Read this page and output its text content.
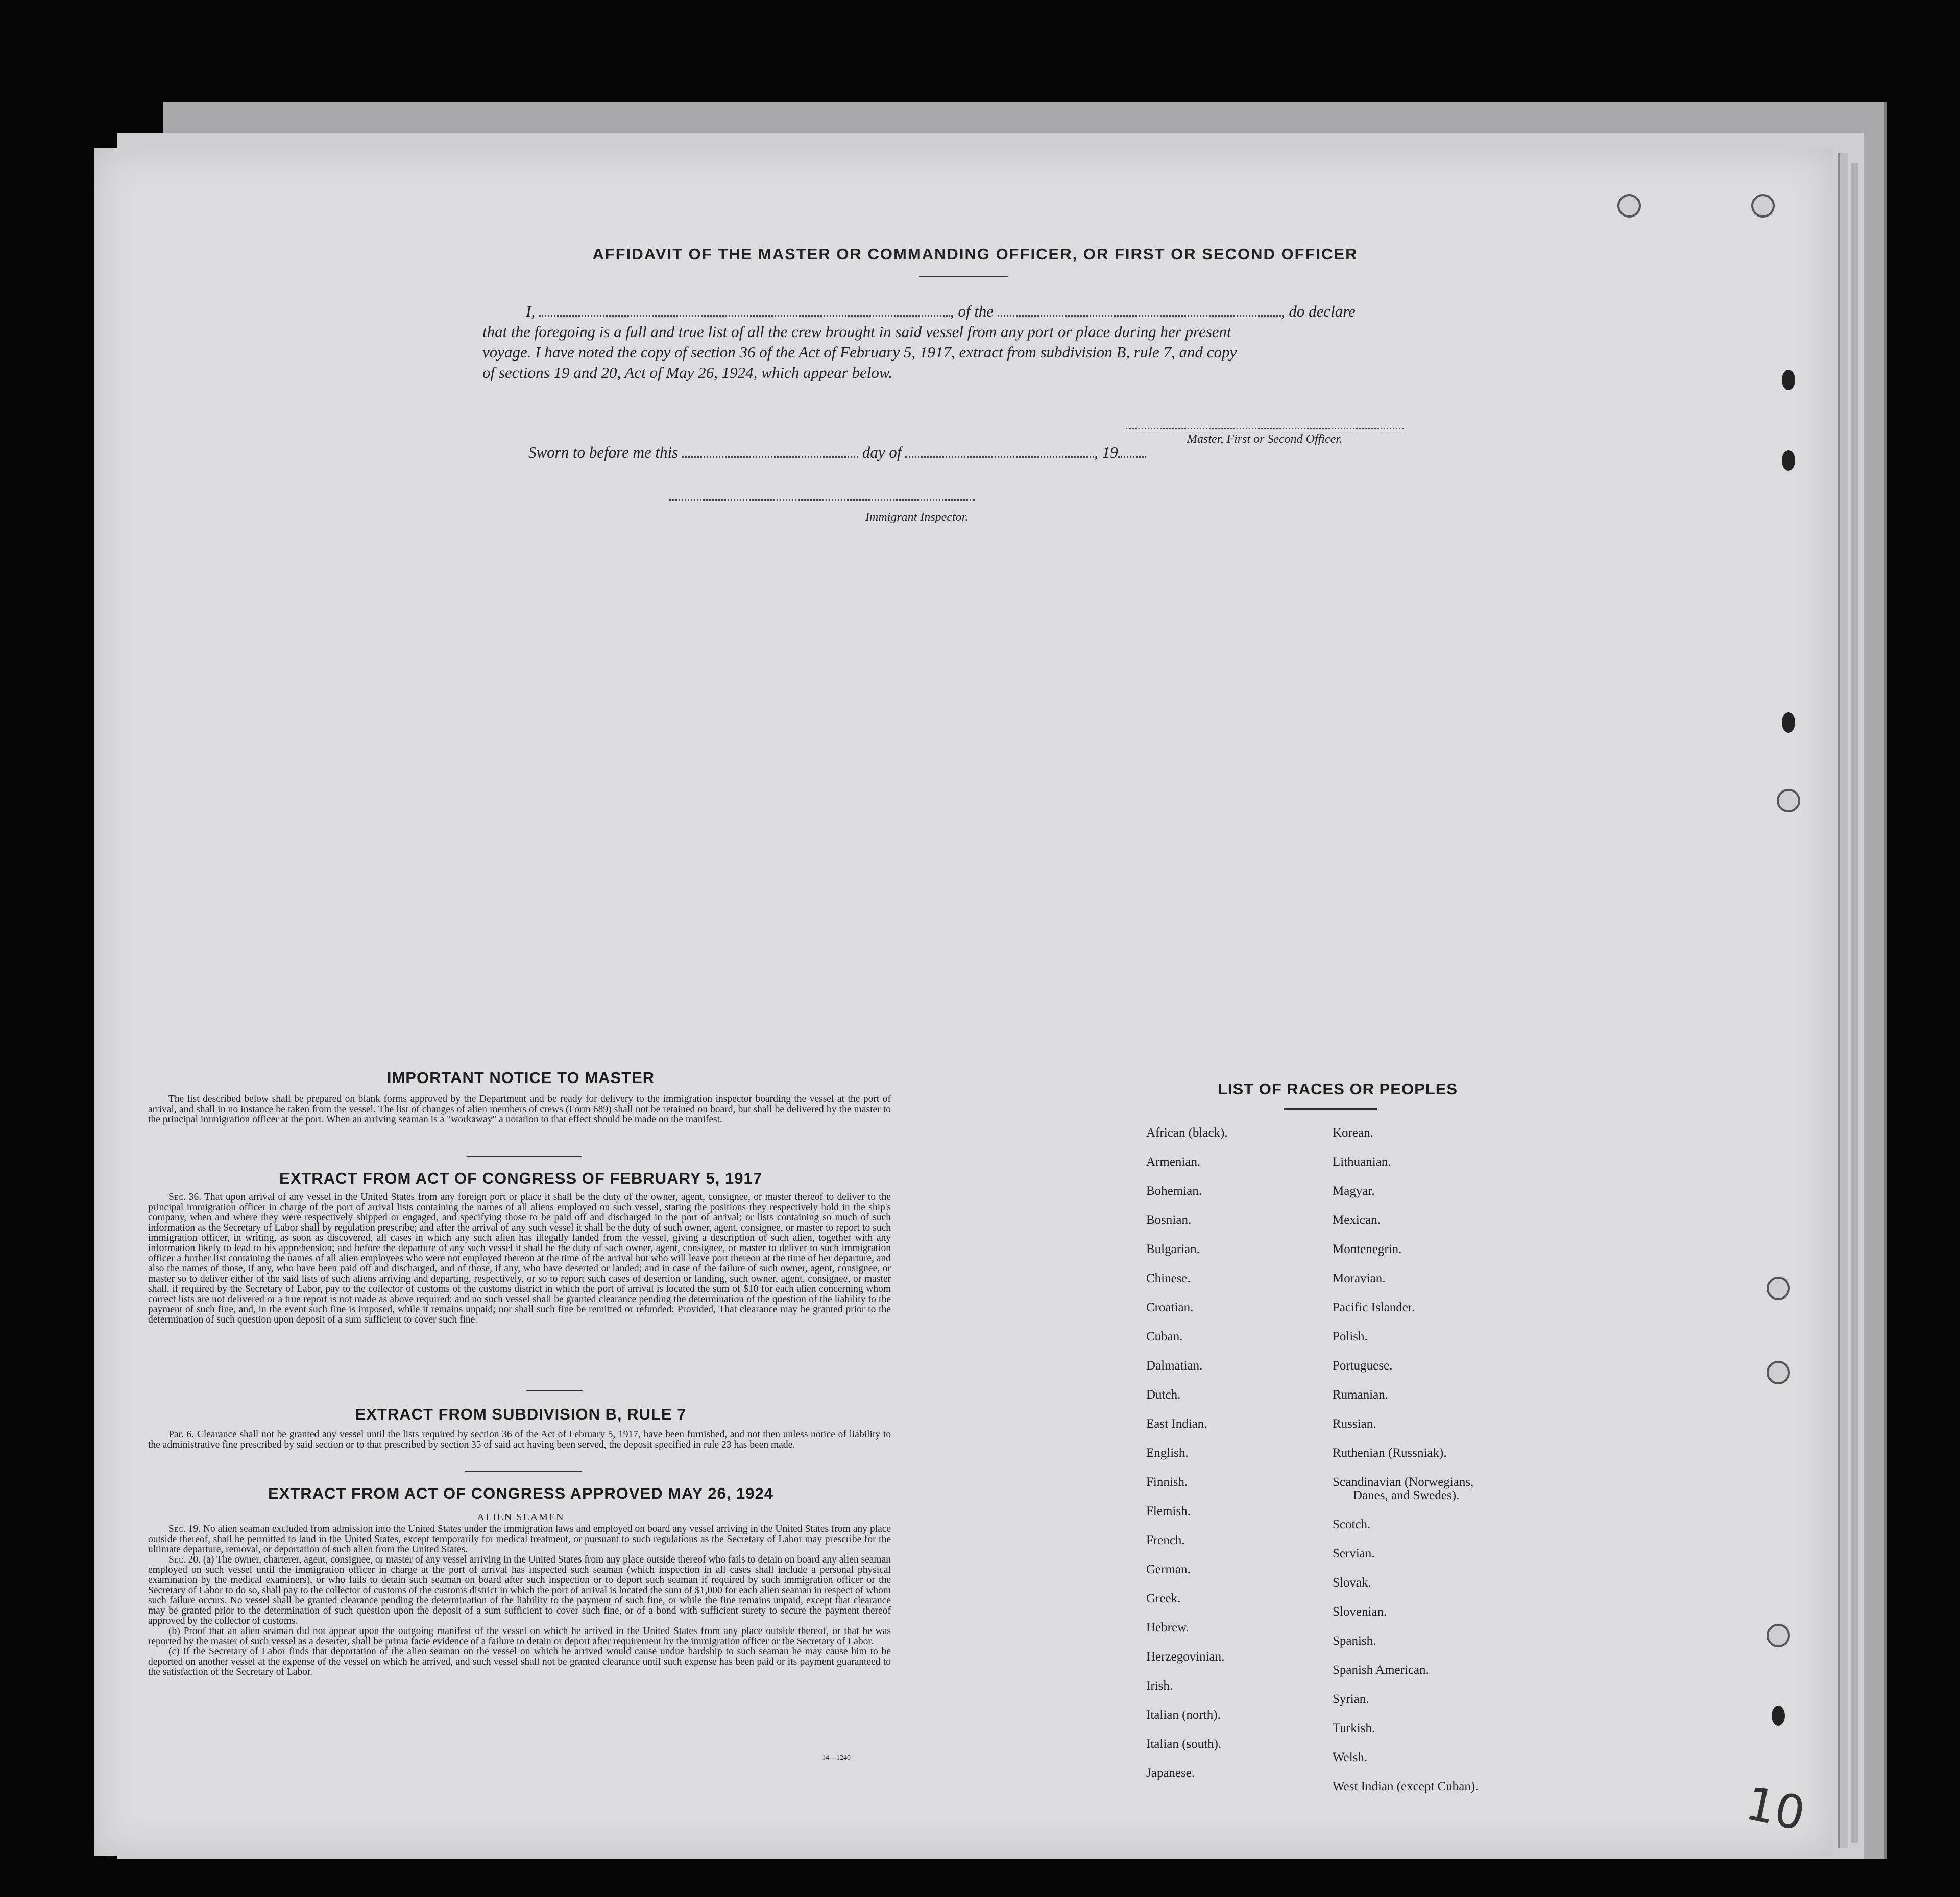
AFFIDAVIT OF THE MASTER OR COMMANDING OFFICER, OR FIRST OR SECOND OFFICER
I,	, of the	, do declare
that the foregoing is a full and true list of all the crew brought in said vessel from any port or place during her present
voyage. I have noted the copy of section 36 of the Act of February 5, 1917, extract from subdivision B, rule 7, and copy
of sections 19 and 20, Act of May 26, 1924, which appear below.
Master, First or Second Officer.
Sworn to before me this	day of	, 19
Immigrant Inspector.
IMPORTANT NOTICE TO MASTER

The list described below shall be prepared on blank forms approved by the Department and be ready for delivery to the immigration inspector boarding the vessel at the port of arrival, and shall in no instance be taken from the vessel. The list of changes of alien members of crews (Form 689) shall not be retained on board, but shall be delivered by the master to the principal immigration officer at the port. When an arriving seaman is a "workaway" a notation to that effect should be made on the manifest.

EXTRACT FROM ACT OF CONGRESS OF FEBRUARY 5, 1917

Sec. 36. That upon arrival of any vessel in the United States from any foreign port or place it shall be the duty of the owner, agent, consignee, or master thereof to deliver to the principal immigration officer in charge of the port of arrival lists containing the names of all aliens employed on such vessel, stating the positions they respectively hold in the ship's company, when and where they were respectively shipped or engaged, and specifying those to be paid off and discharged in the port of arrival; or lists containing so much of such information as the Secretary of Labor shall by regulation prescribe; and after the arrival of any such vessel it shall be the duty of such owner, agent, consignee, or master to report to such immigration officer, in writing, as soon as discovered, all cases in which any such alien has illegally landed from the vessel, giving a description of such alien, together with any information likely to lead to his apprehension; and before the departure of any such vessel it shall be the duty of such owner, agent, consignee, or master to deliver to such immigration officer a further list containing the names of all alien employees who were not employed thereon at the time of the arrival but who will leave port thereon at the time of her departure, and also the names of those, if any, who have been paid off and discharged, and of those, if any, who have deserted or landed; and in case of the failure of such owner, agent, consignee, or master so to deliver either of the said lists of such aliens arriving and departing, respectively, or so to report such cases of desertion or landing, such owner, agent, consignee, or master shall, if required by the Secretary of Labor, pay to the collector of customs of the customs district in which the port of arrival is located the sum of $10 for each alien concerning whom correct lists are not delivered or a true report is not made as above required; and no such vessel shall be granted clearance pending the determination of the question of the liability to the payment of such fine, and, in the event such fine is imposed, while it remains unpaid; nor shall such fine be remitted or refunded: Provided, That clearance may be granted prior to the determination of such question upon deposit of a sum sufficient to cover such fine.

EXTRACT FROM SUBDIVISION B, RULE 7

Par. 6. Clearance shall not be granted any vessel until the lists required by section 36 of the Act of February 5, 1917, have been furnished, and not then unless notice of liability to the administrative fine prescribed by said section or to that prescribed by section 35 of said act having been served, the deposit specified in rule 23 has been made.

EXTRACT FROM ACT OF CONGRESS APPROVED MAY 26, 1924
ALIEN SEAMEN

Sec. 19. No alien seaman excluded from admission into the United States under the immigration laws and employed on board any vessel arriving in the United States from any place outside thereof, shall be permitted to land in the United States, except temporarily for medical treatment, or pursuant to such regulations as the Secretary of Labor may prescribe for the ultimate departure, removal, or deportation of such alien from the United States.

Sec. 20. (a) The owner, charterer, agent, consignee, or master of any vessel arriving in the United States from any place outside thereof who fails to detain on board any alien seaman employed on such vessel until the immigration officer in charge at the port of arrival has inspected such seaman (which inspection in all cases shall include a personal physical examination by the medical examiners), or who fails to detain such seaman on board after such inspection or to deport such seaman if required by such immigration officer or the Secretary of Labor to do so, shall pay to the collector of customs of the customs district in which the port of arrival is located the sum of $1,000 for each alien seaman in respect of whom such failure occurs. No vessel shall be granted clearance pending the determination of the liability to the payment of such fine, or while the fine remains unpaid, except that clearance may be granted prior to the determination of such question upon the deposit of a sum sufficient to cover such fine, or of a bond with sufficient surety to secure the payment thereof approved by the collector of customs.

(b) Proof that an alien seaman did not appear upon the outgoing manifest of the vessel on which he arrived in the United States from any place outside thereof, or that he was reported by the master of such vessel as a deserter, shall be prima facie evidence of a failure to detain or deport after requirement by the immigration officer or the Secretary of Labor.

(c) If the Secretary of Labor finds that deportation of the alien seaman on the vessel on which he arrived would cause undue hardship to such seaman he may cause him to be deported on another vessel at the expense of the vessel on which he arrived, and such vessel shall not be granted clearance until such expense has been paid or its payment guaranteed to the satisfaction of the Secretary of Labor.

14—1240
LIST OF RACES OR PEOPLES
African (black).
Armenian.
Bohemian.
Bosnian.
Bulgarian.
Chinese.
Croatian.
Cuban.
Dalmatian.
Dutch.
East Indian.
English.
Finnish.
Flemish.
French.
German.
Greek.
Hebrew.
Herzegovinian.
Irish.
Italian (north).
Italian (south).
Japanese.
Korean.
Lithuanian.
Magyar.
Mexican.
Montenegrin.
Moravian.
Pacific Islander.
Polish.
Portuguese.
Rumanian.
Russian.
Ruthenian (Russniak).
Scandinavian (Norwegians,
Danes, and Swedes).
Scotch.
Servian.
Slovak.
Slovenian.
Spanish.
Spanish American.
Syrian.
Turkish.
Welsh.
West Indian (except Cuban).	10
